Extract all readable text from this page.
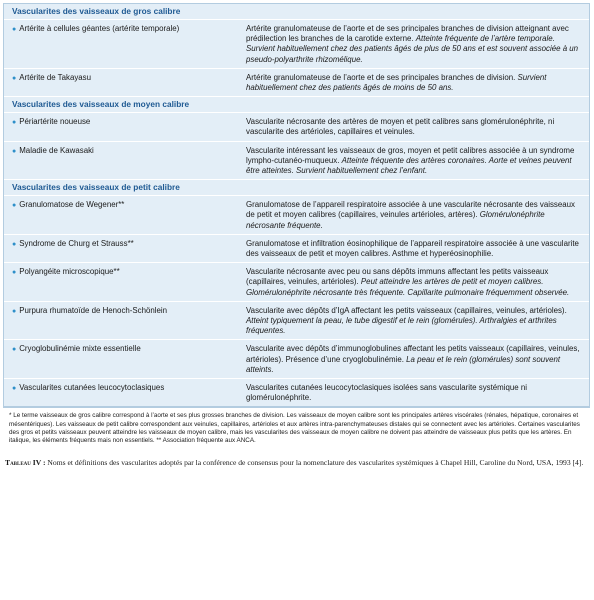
Vascularites des vaisseaux de gros calibre
● Artérite à cellules géantes (artérite temporale)	Artérite granulomateuse de l’aorte et de ses principales branches de division atteignant avec prédilection les branches de la carotide externe. Atteinte fréquente de l’artère temporale. Survient habituellement chez des patients âgés de plus de 50 ans et est souvent associée à un pseudo-polyarthrite rhizomélique.
● Artérite de Takayasu	Artérite granulomateuse de l’aorte et de ses principales branches de division. Survient habituellement chez des patients âgés de moins de 50 ans.
Vascularites des vaisseaux de moyen calibre
● Périartérite noueuse	Vascularite nécrosante des artères de moyen et petit calibres sans glomérulonéphrite, ni vascularite des artérioles, capillaires et veinules.
● Maladie de Kawasaki	Vascularite intéressant les vaisseaux de gros, moyen et petit calibres associée à un syndrome lympho-cutanéo-muqueux. Atteinte fréquente des artères coronaires. Aorte et veines peuvent être atteintes. Survient habituellement chez l’enfant.
Vascularites des vaisseaux de petit calibre
● Granulomatose de Wegener**	Granulomatose de l’appareil respiratoire associée à une vascularite nécrosante des vaisseaux de petit et moyen calibres (capillaires, veinules artérioles, artères). Glomérulonéphrite nécrosante fréquente.
● Syndrome de Churg et Strauss**	Granulomatose et infiltration éosinophilique de l’appareil respiratoire associée à une vascularite des vaisseaux de petit et moyen calibres. Asthme et hyperéosinophilie.
● Polyangéite microscopique**	Vascularite nécrosante avec peu ou sans dépôts immuns affectant les petits vaisseaux (capillaires, veinules, artérioles). Peut atteindre les artères de petit et moyen calibres. Glomérulonéphrite nécrosante très fréquente. Capillarite pulmonaire fréquemment observée.
● Purpura rhumatoïde de Henoch-Schönlein	Vascularite avec dépôts d’IgA affectant les petits vaisseaux (capillaires, veinules, artérioles). Atteint typiquement la peau, le tube digestif et le rein (glomérules). Arthralgies et arthrites fréquentes.
● Cryoglobulinémie mixte essentielle	Vascularite avec dépôts d’immunoglobulines affectant les petits vaisseaux (capillaires, veinules, artérioles). Présence d’une cryoglobulinémie. La peau et le rein (glomérules) sont souvent atteints.
● Vascularites cutanées leucocytoclasiques	Vascularites cutanées leucocytoclasiques isolées sans vascularite systémique ni glomérulonéphrite.
* Le terme vaisseaux de gros calibre correspond à l’aorte et ses plus grosses branches de division. Les vaisseaux de moyen calibre sont les principales artères viscérales (rénales, hépatique, coronaires et mésentériques). Les vaisseaux de petit calibre correspondent aux veinules, capillaires, artérioles et aux artères intra-parenchymateuses distales qui se connectent avec les artérioles. Certaines vascularites des gros et petits vaisseaux peuvent atteindre les vaisseaux de moyen calibre, mais les vascularites des vaisseaux de moyen calibre ne doivent pas atteindre de vaisseaux plus petits que les artères. En italique, les éléments fréquents mais non essentiels. ** Association fréquente aux ANCA.
Tableau IV : Noms et définitions des vascularites adoptés par la conférence de consensus pour la nomenclature des vascularites systémiques à Chapel Hill, Caroline du Nord, USA, 1993 [4].
